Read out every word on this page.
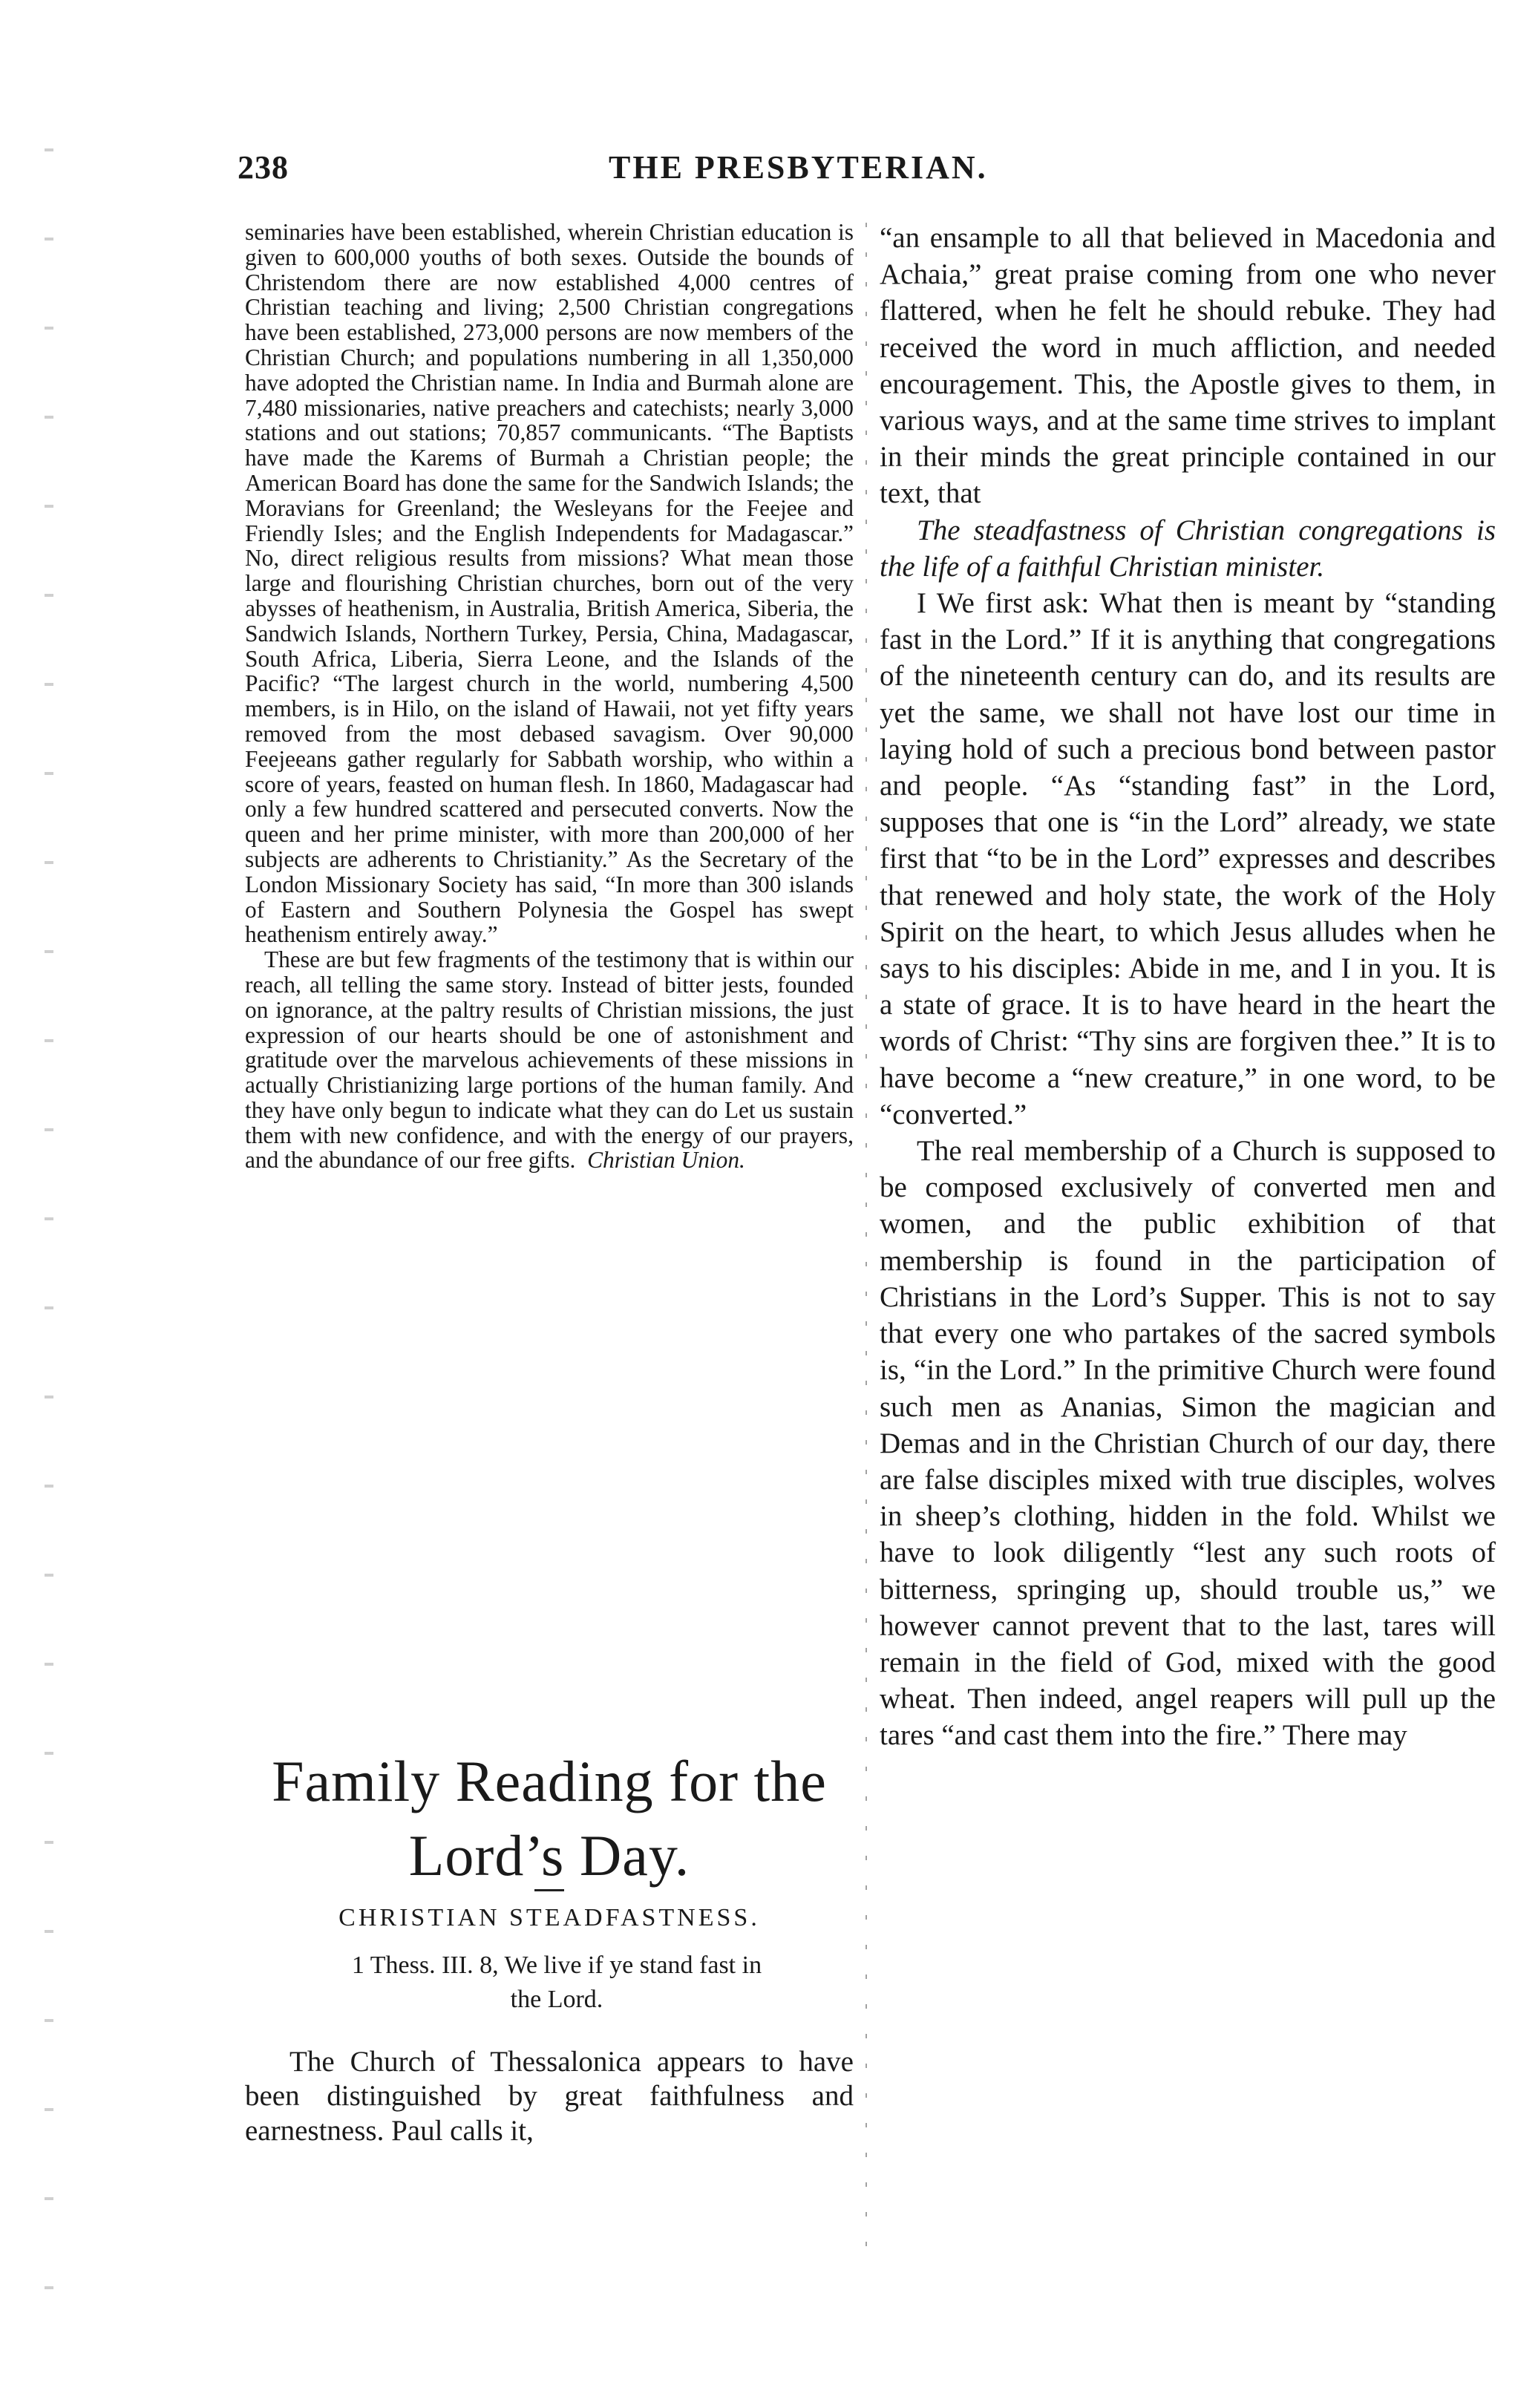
238	THE PRESBYTERIAN.

seminaries have been established, wherein Christian education is given to 600,000 youths of both sexes. Outside the bounds of Christendom there are now established 4,000 centres of Christian teaching and living; 2,500 Christian congregations have been established, 273,000 persons are now members of the Christian Church; and populations numbering in all 1,350,000 have adopted the Christian name. In India and Burmah alone are 7,480 missionaries, native preachers and catechists; nearly 3,000 stations and out stations; 70,857 communicants. “The Baptists have made the Karems of Burmah a Christian people; the American Board has done the same for the Sandwich Islands; the Moravians for Greenland; the Wesleyans for the Feejee and Friendly Isles; and the English Independents for Madagascar.” No, direct religious results from missions? What mean those large and flourishing Christian churches, born out of the very abysses of heathenism, in Australia, British America, Siberia, the Sandwich Islands, Northern Turkey, Persia, China, Madagascar, South Africa, Liberia, Sierra Leone, and the Islands of the Pacific? “The largest church in the world, numbering 4,500 members, is in Hilo, on the island of Hawaii, not yet fifty years removed from the most debased savagism. Over 90,000 Feejeeans gather regularly for Sabbath worship, who within a score of years, feasted on human flesh. In 1860, Madagascar had only a few hundred scattered and persecuted converts. Now the queen and her prime minister, with more than 200,000 of her subjects are adherents to Christianity.” As the Secretary of the London Missionary Society has said, “In more than 300 islands of Eastern and Southern Polynesia the Gospel has swept heathenism entirely away.”

These are but few fragments of the testimony that is within our reach, all telling the same story. Instead of bitter jests, founded on ignorance, at the paltry results of Christian missions, the just expression of our hearts should be one of astonishment and gratitude over the marvelous achievements of these missions in actually Christianizing large portions of the human family. And they have only begun to indicate what they can do Let us sustain them with new confidence, and with the energy of our prayers, and the abundance of our free gifts. Christian Union.

Family Reading for the
Lord’s Day.
CHRISTIAN STEADFASTNESS.
1 Thess. III. 8, We live if ye stand fast in
the Lord.

The Church of Thessalonica appears to have been distinguished by great faithfulness and earnestness. Paul calls it,

“an ensample to all that believed in Macedonia and Achaia,” great praise coming from one who never flattered, when he felt he should rebuke. They had received the word in much affliction, and needed encouragement. This, the Apostle gives to them, in various ways, and at the same time strives to implant in their minds the great principle contained in our text, that

The steadfastness of Christian congregations is the life of a faithful Christian minister.

I We first ask: What then is meant by “standing fast in the Lord.” If it is anything that congregations of the nineteenth century can do, and its results are yet the same, we shall not have lost our time in laying hold of such a precious bond between pastor and people. “As “standing fast” in the Lord, supposes that one is “in the Lord” already, we state first that “to be in the Lord” expresses and describes that renewed and holy state, the work of the Holy Spirit on the heart, to which Jesus alludes when he says to his disciples: Abide in me, and I in you. It is a state of grace. It is to have heard in the heart the words of Christ: “Thy sins are forgiven thee.” It is to have become a “new creature,” in one word, to be “converted.”

The real membership of a Church is supposed to be composed exclusively of converted men and women, and the public exhibition of that membership is found in the participation of Christians in the Lord’s Supper. This is not to say that every one who partakes of the sacred symbols is, “in the Lord.” In the primitive Church were found such men as Ananias, Simon the magician and Demas and in the Christian Church of our day, there are false disciples mixed with true disciples, wolves in sheep’s clothing, hidden in the fold. Whilst we have to look diligently “lest any such roots of bitterness, springing up, should trouble us,” we however cannot prevent that to the last, tares will remain in the field of God, mixed with the good wheat. Then indeed, angel reapers will pull up the tares “and cast them into the fire.” There may
